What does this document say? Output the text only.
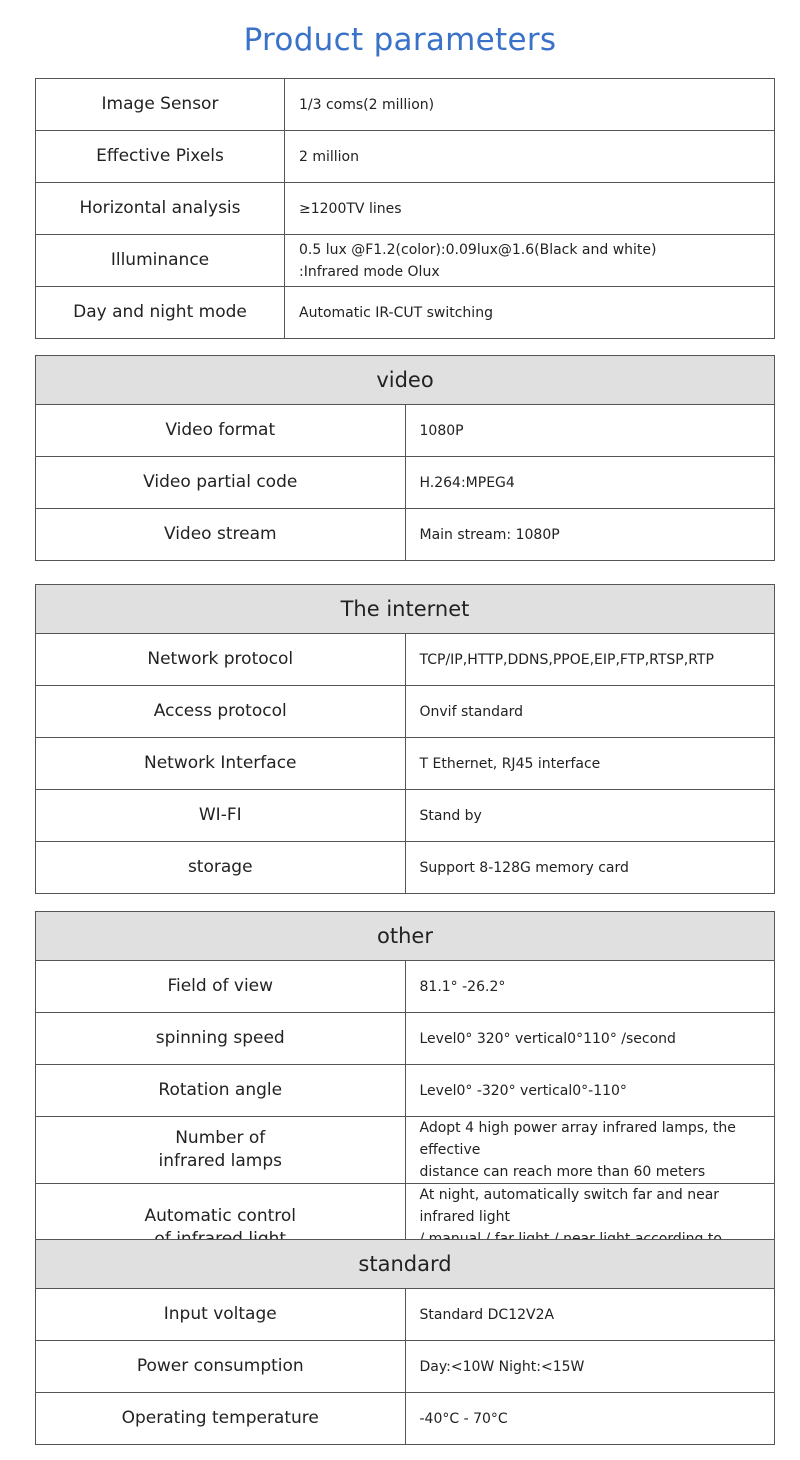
Product parameters
Image Sensor	1/3 coms(2 million)
Effective Pixels	2 million
Horizontal analysis	≥1200TV lines
Illuminance	0.5 lux @F1.2(color):0.09lux@1.6(Black and white)
:Infrared mode Olux
Day and night mode	Automatic IR-CUT switching
video	
Video format	1080P
Video partial code	H.264:MPEG4
Video stream	Main stream: 1080P
The internet	
Network protocol	TCP/IP,HTTP,DDNS,PPOE,EIP,FTP,RTSP,RTP
Access protocol	Onvif standard
Network Interface	T Ethernet, RJ45 interface
WI-FI	Stand by
storage	Support 8-128G memory card
other	
Field of view	81.1° -26.2°
spinning speed	Level0° 320° vertical0°110° /second
Rotation angle	Level0° -320° vertical0°-110°
Number of
infrared lamps	Adopt 4 high power array infrared lamps, the effective
distance can reach more than 60 meters
Automatic control	At night, automatically switch far and near infrared light

standard	
Input voltage	Standard DC12V2A
Power consumption	Day:<10W Night:<15W
Operating temperature	-40°C - 70°C
